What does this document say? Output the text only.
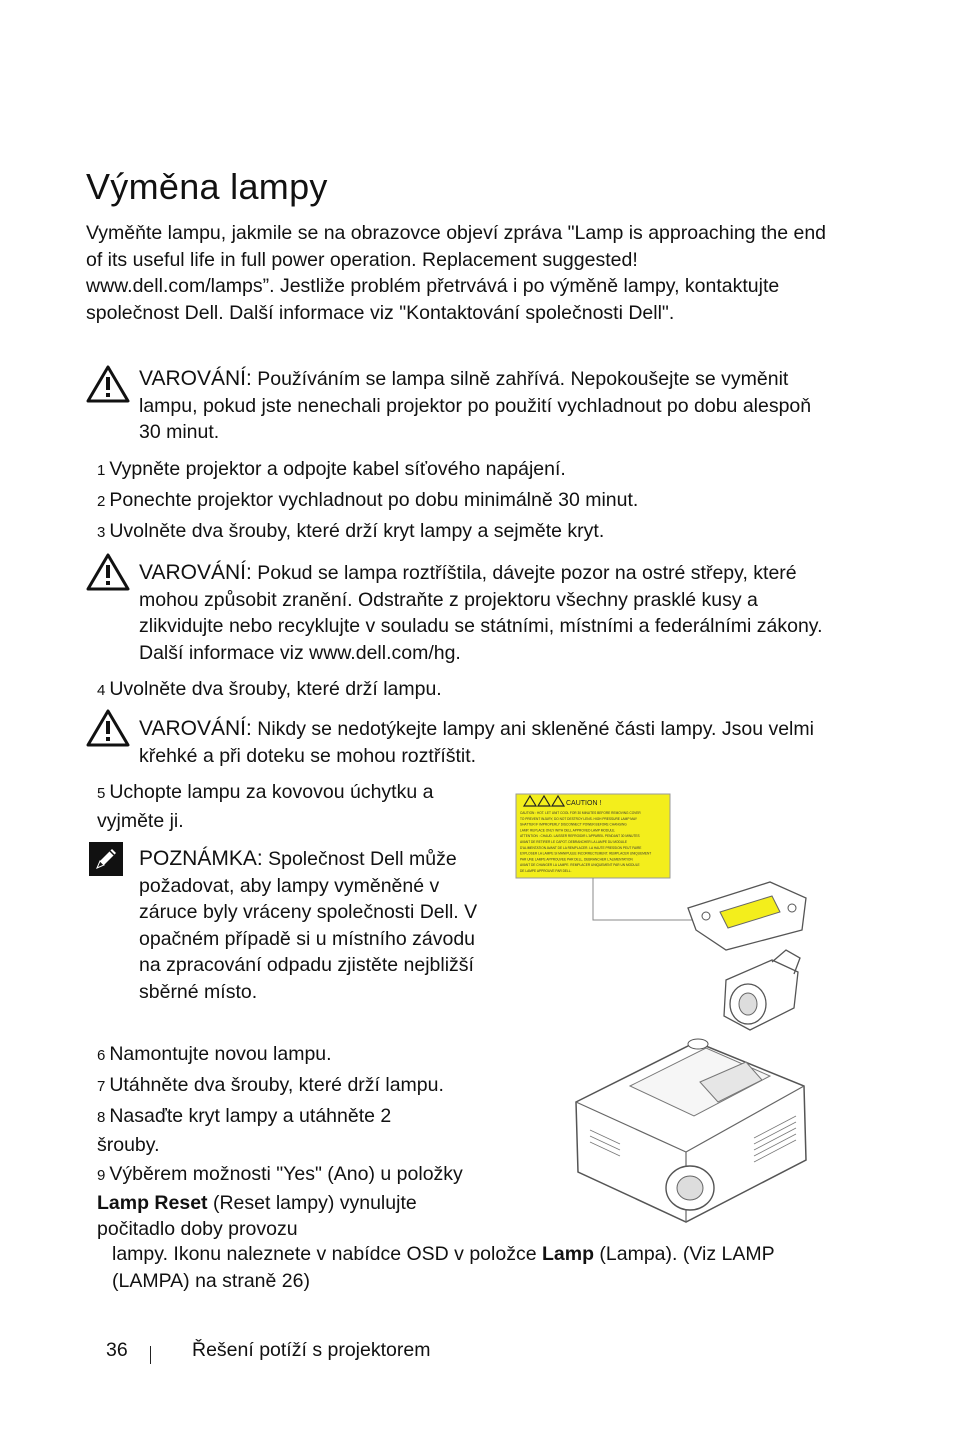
Výměna lampy

Vyměňte lampu, jakmile se na obrazovce objeví zpráva "Lamp is approaching the end of its useful life in full power operation. Replacement suggested! www.dell.com/lamps”. Jestliže problém přetrvává i po výměně lampy, kontaktujte společnost Dell. Další informace viz "Kontaktování společnosti Dell".

VAROVÁNÍ: Používáním se lampa silně zahřívá. Nepokoušejte se vyměnit lampu, pokud jste nenechali projektor po použití vychladnout po dobu alespoň 30 minut.
1 Vypněte projektor a odpojte kabel síťového napájení.
2 Ponechte projektor vychladnout po dobu minimálně 30 minut.
3 Uvolněte dva šrouby, které drží kryt lampy a sejměte kryt.
VAROVÁNÍ: Pokud se lampa roztříštila, dávejte pozor na ostré střepy, které mohou způsobit zranění. Odstraňte z projektoru všechny prasklé kusy a zlikvidujte nebo recyklujte v souladu se státními, místními a federálními zákony. Další informace viz www.dell.com/hg.
4 Uvolněte dva šrouby, které drží lampu.
VAROVÁNÍ: Nikdy se nedotýkejte lampy ani skleněné části lampy. Jsou velmi křehké a při doteku se mohou roztříštit.
5 Uchopte lampu za kovovou úchytku a vyjměte ji.
POZNÁMKA: Společnost Dell může požadovat, aby lampy vyměněné v záruce byly vráceny společnosti Dell. V opačném případě si u místního závodu na zpracování odpadu zjistěte nejbližší sběrné místo.
6 Namontujte novou lampu.
7 Utáhněte dva šrouby, které drží lampu.
8 Nasaďte kryt lampy a utáhněte 2 šrouby.
9 Výběrem možnosti "Yes" (Ano) u položky Lamp Reset (Reset lampy) vynulujte počitadlo doby provozu
lampy. Ikonu naleznete v nabídce OSD v položce Lamp (Lampa). (Viz LAMP (LAMPA) na straně 26)
CAUTION !
CAUTION : HOT. LET UNIT COOL FOR 30 MINUTES BEFORE REMOVING COVER
TO PREVENT INJURY, DO NOT DESTROY LENS. HIGH PRESSURE LAMP MAY
SHATTER IF IMPROPERLY DISCONNECT POWER BEFORE CHANGING
LAMP. REPLACE ONLY WITH DELL APPROVED LAMP MODULE.
ATTENTION : CHAUD. LAISSER REFROIDIR L'APPAREIL PENDANT 30 MINUTES
AVANT DE RETIRER LE CAPOT. DEBRANCHER LA LAMPE DU MODULE
D'ALIMENTATION AVANT DE LA REMPLACER. LA HAUTE PRESSION PEUT FAIRE
EXPLOSER LA LAMPE SI MANIPULEE INCORRECTEMENT. REMPLACER UNIQUEMENT
PAR UNE LAMPE APPROUVEE PAR DELL. DEBRANCHER L'ALIMENTATION
AVANT DE CHANGER LA LAMPE. REMPLACER UNIQUEMENT PAR UN MODULE
DE LAMPE APPROUVE PAR DELL.
36	Řešení potíží s projektorem
